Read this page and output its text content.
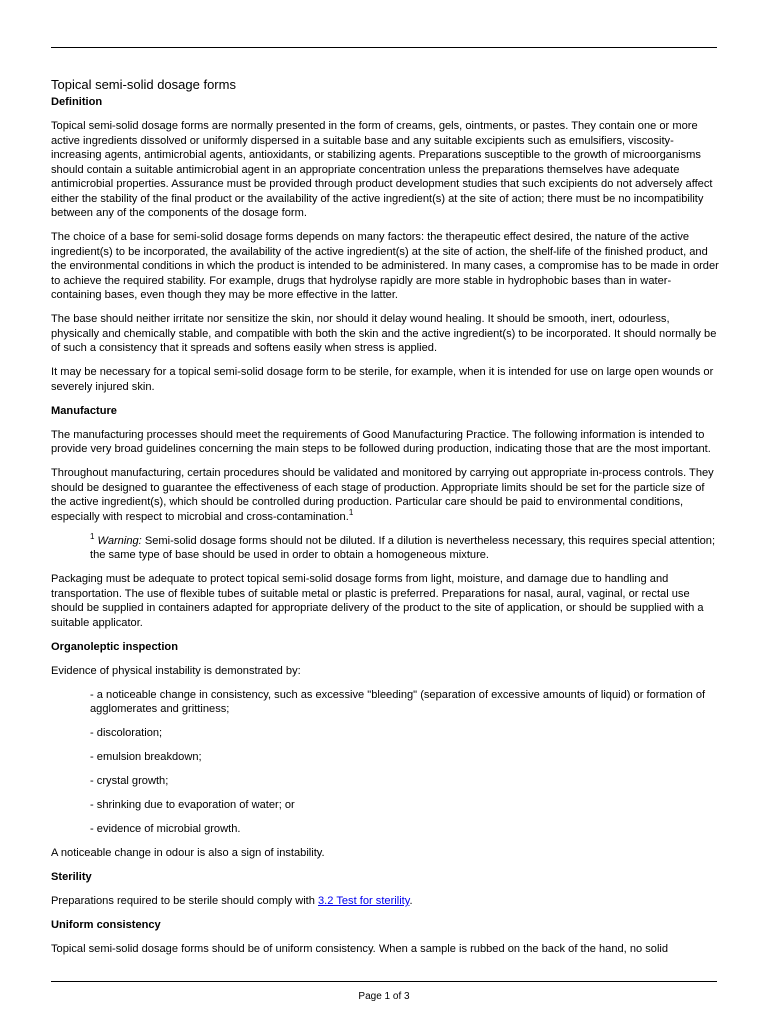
Topical semi-solid dosage forms
Definition

Topical semi-solid dosage forms are normally presented in the form of creams, gels, ointments, or pastes. They contain one or more active ingredients dissolved or uniformly dispersed in a suitable base and any suitable excipients such as emulsifiers, viscosity-increasing agents, antimicrobial agents, antioxidants, or stabilizing agents. Preparations susceptible to the growth of microorganisms should contain a suitable antimicrobial agent in an appropriate concentration unless the preparations themselves have adequate antimicrobial properties. Assurance must be provided through product development studies that such excipients do not adversely affect either the stability of the final product or the availability of the active ingredient(s) at the site of action; there must be no incompatibility between any of the components of the dosage form.

The choice of a base for semi-solid dosage forms depends on many factors: the therapeutic effect desired, the nature of the active ingredient(s) to be incorporated, the availability of the active ingredient(s) at the site of action, the shelf-life of the finished product, and the environmental conditions in which the product is intended to be administered. In many cases, a compromise has to be made in order to achieve the required stability. For example, drugs that hydrolyse rapidly are more stable in hydrophobic bases than in water-containing bases, even though they may be more effective in the latter.

The base should neither irritate nor sensitize the skin, nor should it delay wound healing. It should be smooth, inert, odourless, physically and chemically stable, and compatible with both the skin and the active ingredient(s) to be incorporated. It should normally be of such a consistency that it spreads and softens easily when stress is applied.

It may be necessary for a topical semi-solid dosage form to be sterile, for example, when it is intended for use on large open wounds or severely injured skin.

Manufacture

The manufacturing processes should meet the requirements of Good Manufacturing Practice. The following information is intended to provide very broad guidelines concerning the main steps to be followed during production, indicating those that are the most important.

Throughout manufacturing, certain procedures should be validated and monitored by carrying out appropriate in-process controls. They should be designed to guarantee the effectiveness of each stage of production. Appropriate limits should be set for the particle size of the active ingredient(s), which should be controlled during production. Particular care should be paid to environmental conditions, especially with respect to microbial and cross-contamination.$^1$

$^1$ Warning: Semi-solid dosage forms should not be diluted. If a dilution is nevertheless necessary, this requires special attention; the same type of base should be used in order to obtain a homogeneous mixture.

Packaging must be adequate to protect topical semi-solid dosage forms from light, moisture, and damage due to handling and transportation. The use of flexible tubes of suitable metal or plastic is preferred. Preparations for nasal, aural, vaginal, or rectal use should be supplied in containers adapted for appropriate delivery of the product to the site of application, or should be supplied with a suitable applicator.

Organoleptic inspection

Evidence of physical instability is demonstrated by:

- a noticeable change in consistency, such as excessive "bleeding" (separation of excessive amounts of liquid) or formation of agglomerates and grittiness;

- discoloration;

- emulsion breakdown;

- crystal growth;

- shrinking due to evaporation of water; or

- evidence of microbial growth.

A noticeable change in odour is also a sign of instability.

Sterility

Preparations required to be sterile should comply with 3.2 Test for sterility.

Uniform consistency

Topical semi-solid dosage forms should be of uniform consistency. When a sample is rubbed on the back of the hand, no solid

Page 1 of 3
